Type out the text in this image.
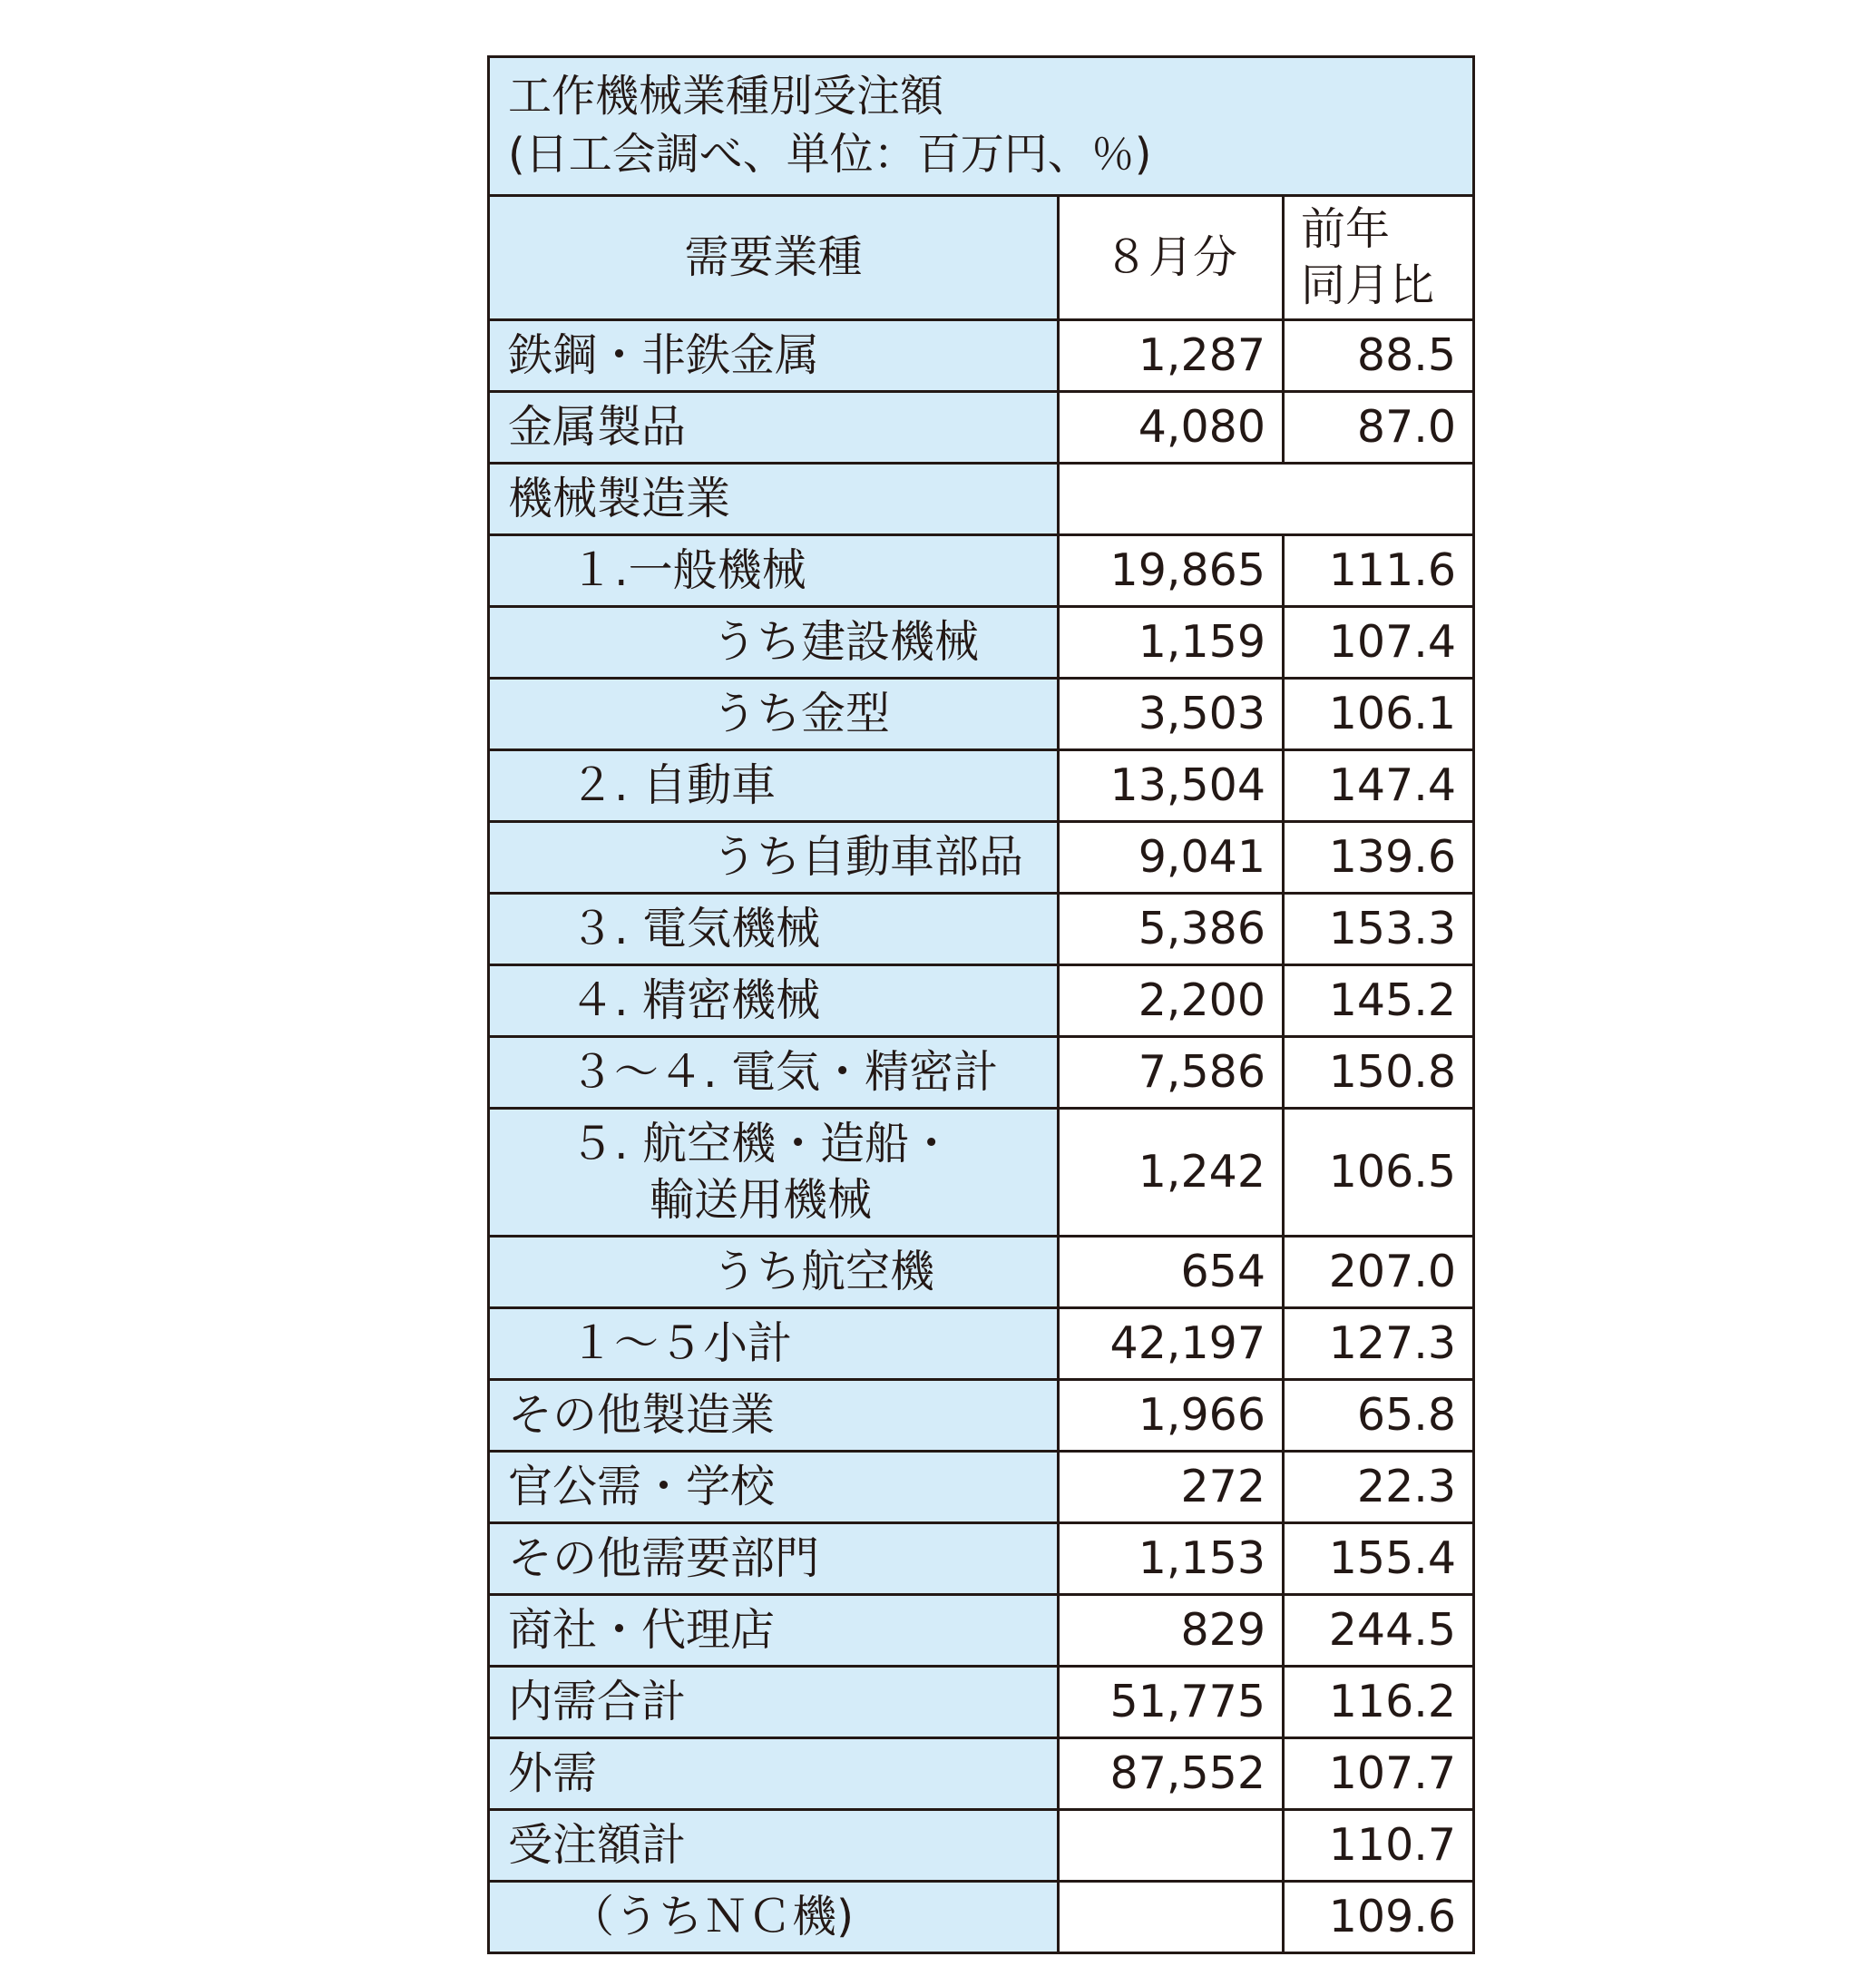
工作機械業種別受注額
(日工会調べ、単位：百万円、％)		

需要業種	８月分	前年
同月比

鉄鋼・非鉄金属	1,287	88.5
金属製品	4,080	87.0
機械製造業		
１.一般機械	19,865	111.6
うち建設機械	1,159	107.4
うち金型	3,503	106.1
２. 自動車	13,504	147.4
うち自動車部品	9,041	139.6
３. 電気機械	5,386	153.3
４. 精密機械	2,200	145.2
３～４. 電気・精密計	7,586	150.8

５. 航空機・造船・
輸送用機械	1,242	106.5
うち航空機	654	207.0
１～５小計	42,197	127.3
その他製造業	1,966	65.8
官公需・学校	272	22.3
その他需要部門	1,153	155.4
商社・代理店	829	244.5
内需合計	51,775	116.2
外需	87,552	107.7
受注額計		110.7
（うちＮＣ機)		109.6
